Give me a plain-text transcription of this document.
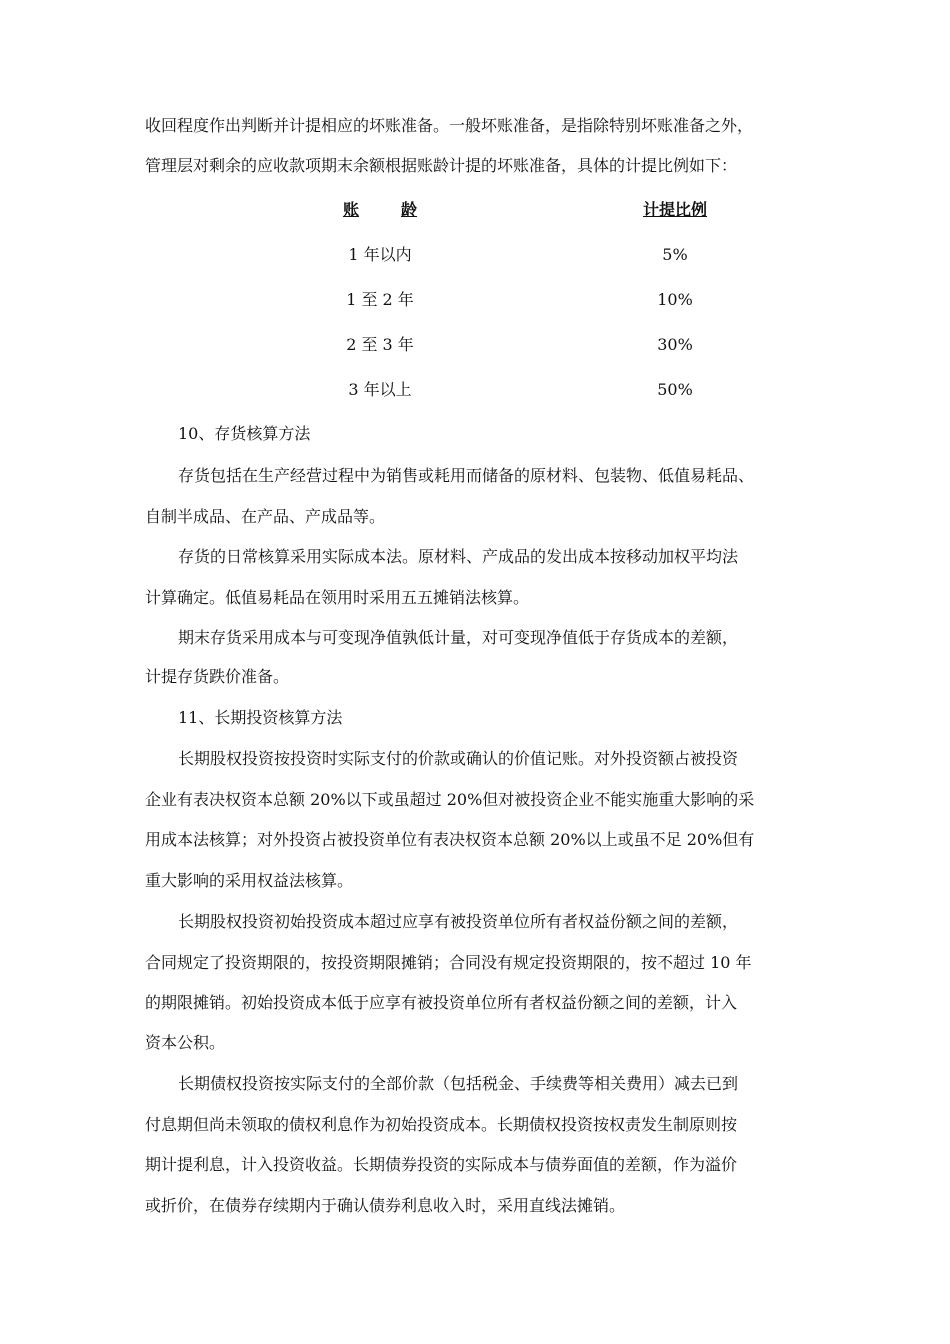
收回程度作出判断并计提相应的坏账准备。一般坏账准备，是指除特别坏账准备之外，
管理层对剩余的应收款项期末余额根据账龄计提的坏账准备，具体的计提比例如下：
账	龄	计提比例
1 年以内	5%
1 至 2 年	10%
2 至 3 年	30%
3 年以上	50%
10、存货核算方法
存货包括在生产经营过程中为销售或耗用而储备的原材料、包装物、低值易耗品、
自制半成品、在产品、产成品等。
存货的日常核算采用实际成本法。原材料、产成品的发出成本按移动加权平均法
计算确定。低值易耗品在领用时采用五五摊销法核算。
期末存货采用成本与可变现净值孰低计量，对可变现净值低于存货成本的差额，
计提存货跌价准备。
11、长期投资核算方法
长期股权投资按投资时实际支付的价款或确认的价值记账。对外投资额占被投资
企业有表决权资本总额 20%以下或虽超过 20%但对被投资企业不能实施重大影响的采
用成本法核算；对外投资占被投资单位有表决权资本总额 20%以上或虽不足 20%但有
重大影响的采用权益法核算。
长期股权投资初始投资成本超过应享有被投资单位所有者权益份额之间的差额，
合同规定了投资期限的，按投资期限摊销；合同没有规定投资期限的，按不超过 10 年
的期限摊销。初始投资成本低于应享有被投资单位所有者权益份额之间的差额，计入
资本公积。
长期债权投资按实际支付的全部价款（包括税金、手续费等相关费用）减去已到
付息期但尚未领取的债权利息作为初始投资成本。长期债权投资按权责发生制原则按
期计提利息，计入投资收益。长期债券投资的实际成本与债券面值的差额，作为溢价
或折价，在债券存续期内于确认债券利息收入时，采用直线法摊销。
